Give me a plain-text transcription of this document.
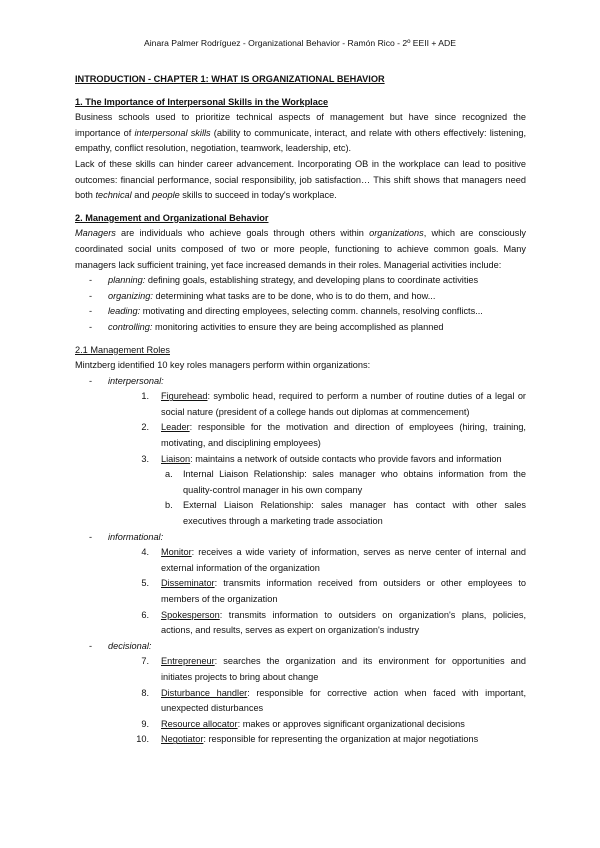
Ainara Palmer Rodríguez - Organizational Behavior - Ramón Rico - 2º EEII + ADE
INTRODUCTION - CHAPTER 1: WHAT IS ORGANIZATIONAL BEHAVIOR
1. The Importance of Interpersonal Skills in the Workplace

Business schools used to prioritize technical aspects of management but have since recognized the importance of interpersonal skills (ability to communicate, interact, and relate with others effectively: listening, empathy, conflict resolution, negotiation, teamwork, leadership, etc).

Lack of these skills can hinder career advancement. Incorporating OB in the workplace can lead to positive outcomes: financial performance, social responsibility, job satisfaction… This shift shows that managers need both technical and people skills to succeed in today's workplace.

2. Management and Organizational Behavior

Managers are individuals who achieve goals through others within organizations, which are consciously coordinated social units composed of two or more people, functioning to achieve common goals. Many managers lack sufficient training, yet face increased demands in their roles. Managerial activities include:

- planning: defining goals, establishing strategy, and developing plans to coordinate activities
- organizing: determining what tasks are to be done, who is to do them, and how...
- leading: motivating and directing employees, selecting comm. channels, resolving conflicts...
- controlling: monitoring activities to ensure they are being accomplished as planned
2.1 Management Roles

Mintzberg identified 10 key roles managers perform within organizations:

- interpersonal:
1. Figurehead: symbolic head, required to perform a number of routine duties of a legal or social nature (president of a college hands out diplomas at commencement)
2. Leader: responsible for the motivation and direction of employees (hiring, training, motivating, and disciplining employees)
3. Liaison: maintains a network of outside contacts who provide favors and information
a. Internal Liaison Relationship: sales manager who obtains information from the quality-control manager in his own company
b. External Liaison Relationship: sales manager has contact with other sales executives through a marketing trade association
- informational:
4. Monitor: receives a wide variety of information, serves as nerve center of internal and external information of the organization
5. Disseminator: transmits information received from outsiders or other employees to members of the organization
6. Spokesperson: transmits information to outsiders on organization's plans, policies, actions, and results, serves as expert on organization's industry
- decisional:
7. Entrepreneur: searches the organization and its environment for opportunities and initiates projects to bring about change
8. Disturbance handler: responsible for corrective action when faced with important, unexpected disturbances
9. Resource allocator: makes or approves significant organizational decisions
10. Negotiator: responsible for representing the organization at major negotiations
